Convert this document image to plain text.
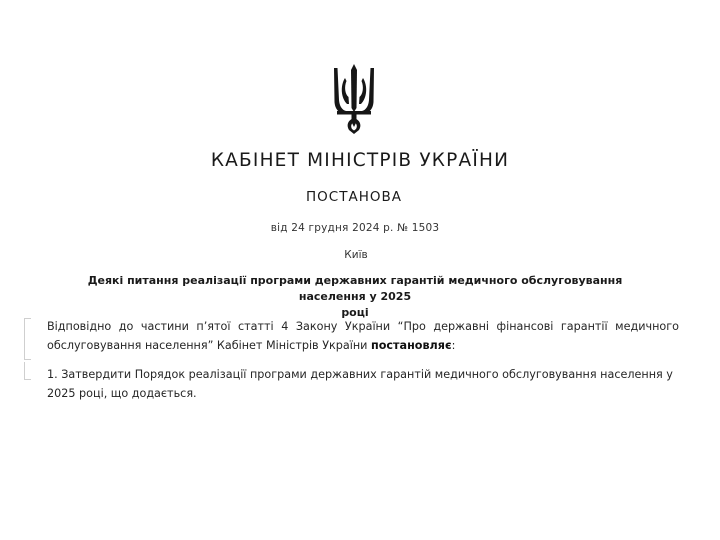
КАБІНЕТ МІНІСТРІВ УКРАЇНИ
ПОСТАНОВА
від 24 грудня 2024 р. № 1503
Київ
Деякі питання реалізації програми державних гарантій медичного обслуговування населення у 2025
році
Відповідно до частини п’ятої статті 4 Закону України “Про державні фінансові гарантії медичного обслуговування населення” Кабінет Міністрів України постановляє:
1. Затвердити Порядок реалізації програми державних гарантій медичного обслуговування населення у 2025 році, що додається.
